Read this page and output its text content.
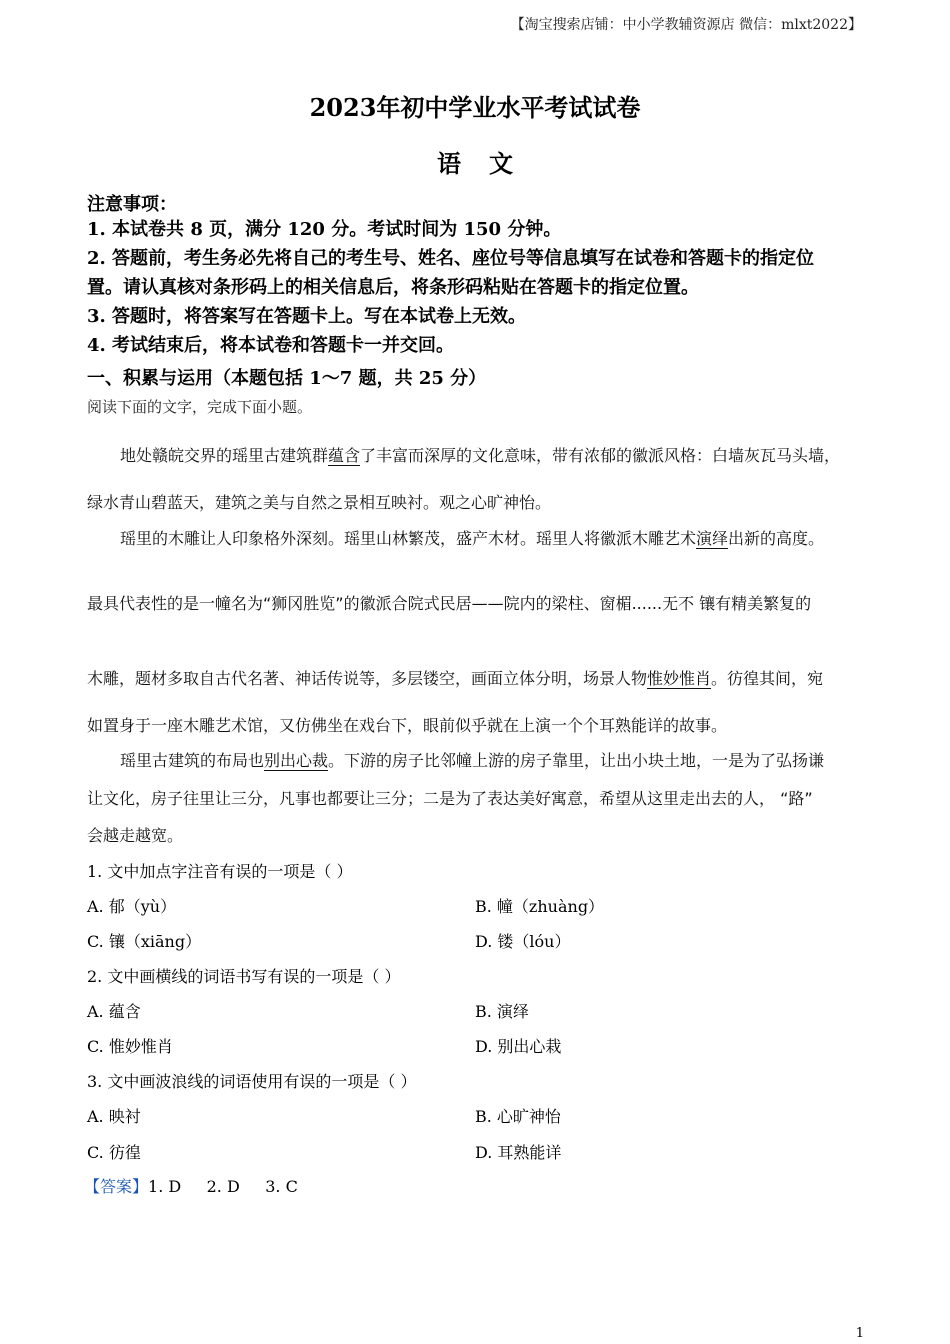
【淘宝搜索店铺：中小学教辅资源店 微信：mlxt2022】
2023年初中学业水平考试试卷
语文
注意事项：
1. 本试卷共 8 页，满分 120 分。考试时间为 150 分钟。
2. 答题前，考生务必先将自己的考生号、姓名、座位号等信息填写在试卷和答题卡的指定位
置。请认真核对条形码上的相关信息后，将条形码粘贴在答题卡的指定位置。
3. 答题时，将答案写在答题卡上。写在本试卷上无效。
4. 考试结束后，将本试卷和答题卡一并交回。
一、积累与运用（本题包括 1～7 题，共 25 分）
阅读下面的文字，完成下面小题。
地处赣皖交界的瑶里古建筑群蕴含了丰富而深厚的文化意味，带有浓郁的徽派风格：白墙灰瓦马头墙，
绿水青山碧蓝天，建筑之美与自然之景相互映衬。观之心旷神怡。
瑶里的木雕让人印象格外深刻。瑶里山林繁茂，盛产木材。瑶里人将徽派木雕艺术演绎出新的高度。
最具代表性的是一幢名为“狮冈胜览”的徽派合院式民居——院内的梁柱、窗楣......无不 镶有精美繁复的
木雕，题材多取自古代名著、神话传说等，多层镂空，画面立体分明，场景人物惟妙惟肖。彷徨其间，宛
如置身于一座木雕艺术馆，又仿佛坐在戏台下，眼前似乎就在上演一个个耳熟能详的故事。
瑶里古建筑的布局也别出心裁。下游的房子比邻幢上游的房子靠里，让出小块土地，一是为了弘扬谦
让文化，房子往里让三分，凡事也都要让三分；二是为了表达美好寓意，希望从这里走出去的人， “路”
会越走越宽。
1. 文中加点字注音有误的一项是（ ）
A. 郁（yù）	B. 幢（zhuàng）
C. 镶（xiāng）	D. 镂（lóu）
2. 文中画横线的词语书写有误的一项是（ ）
A. 蕴含	B. 演绎
C. 惟妙惟肖	D. 别出心栽
3. 文中画波浪线的词语使用有误的一项是（ ）
A. 映衬	B. 心旷神怡
C. 彷徨	D. 耳熟能详
【答案】1. D     2. D     3. C
1
